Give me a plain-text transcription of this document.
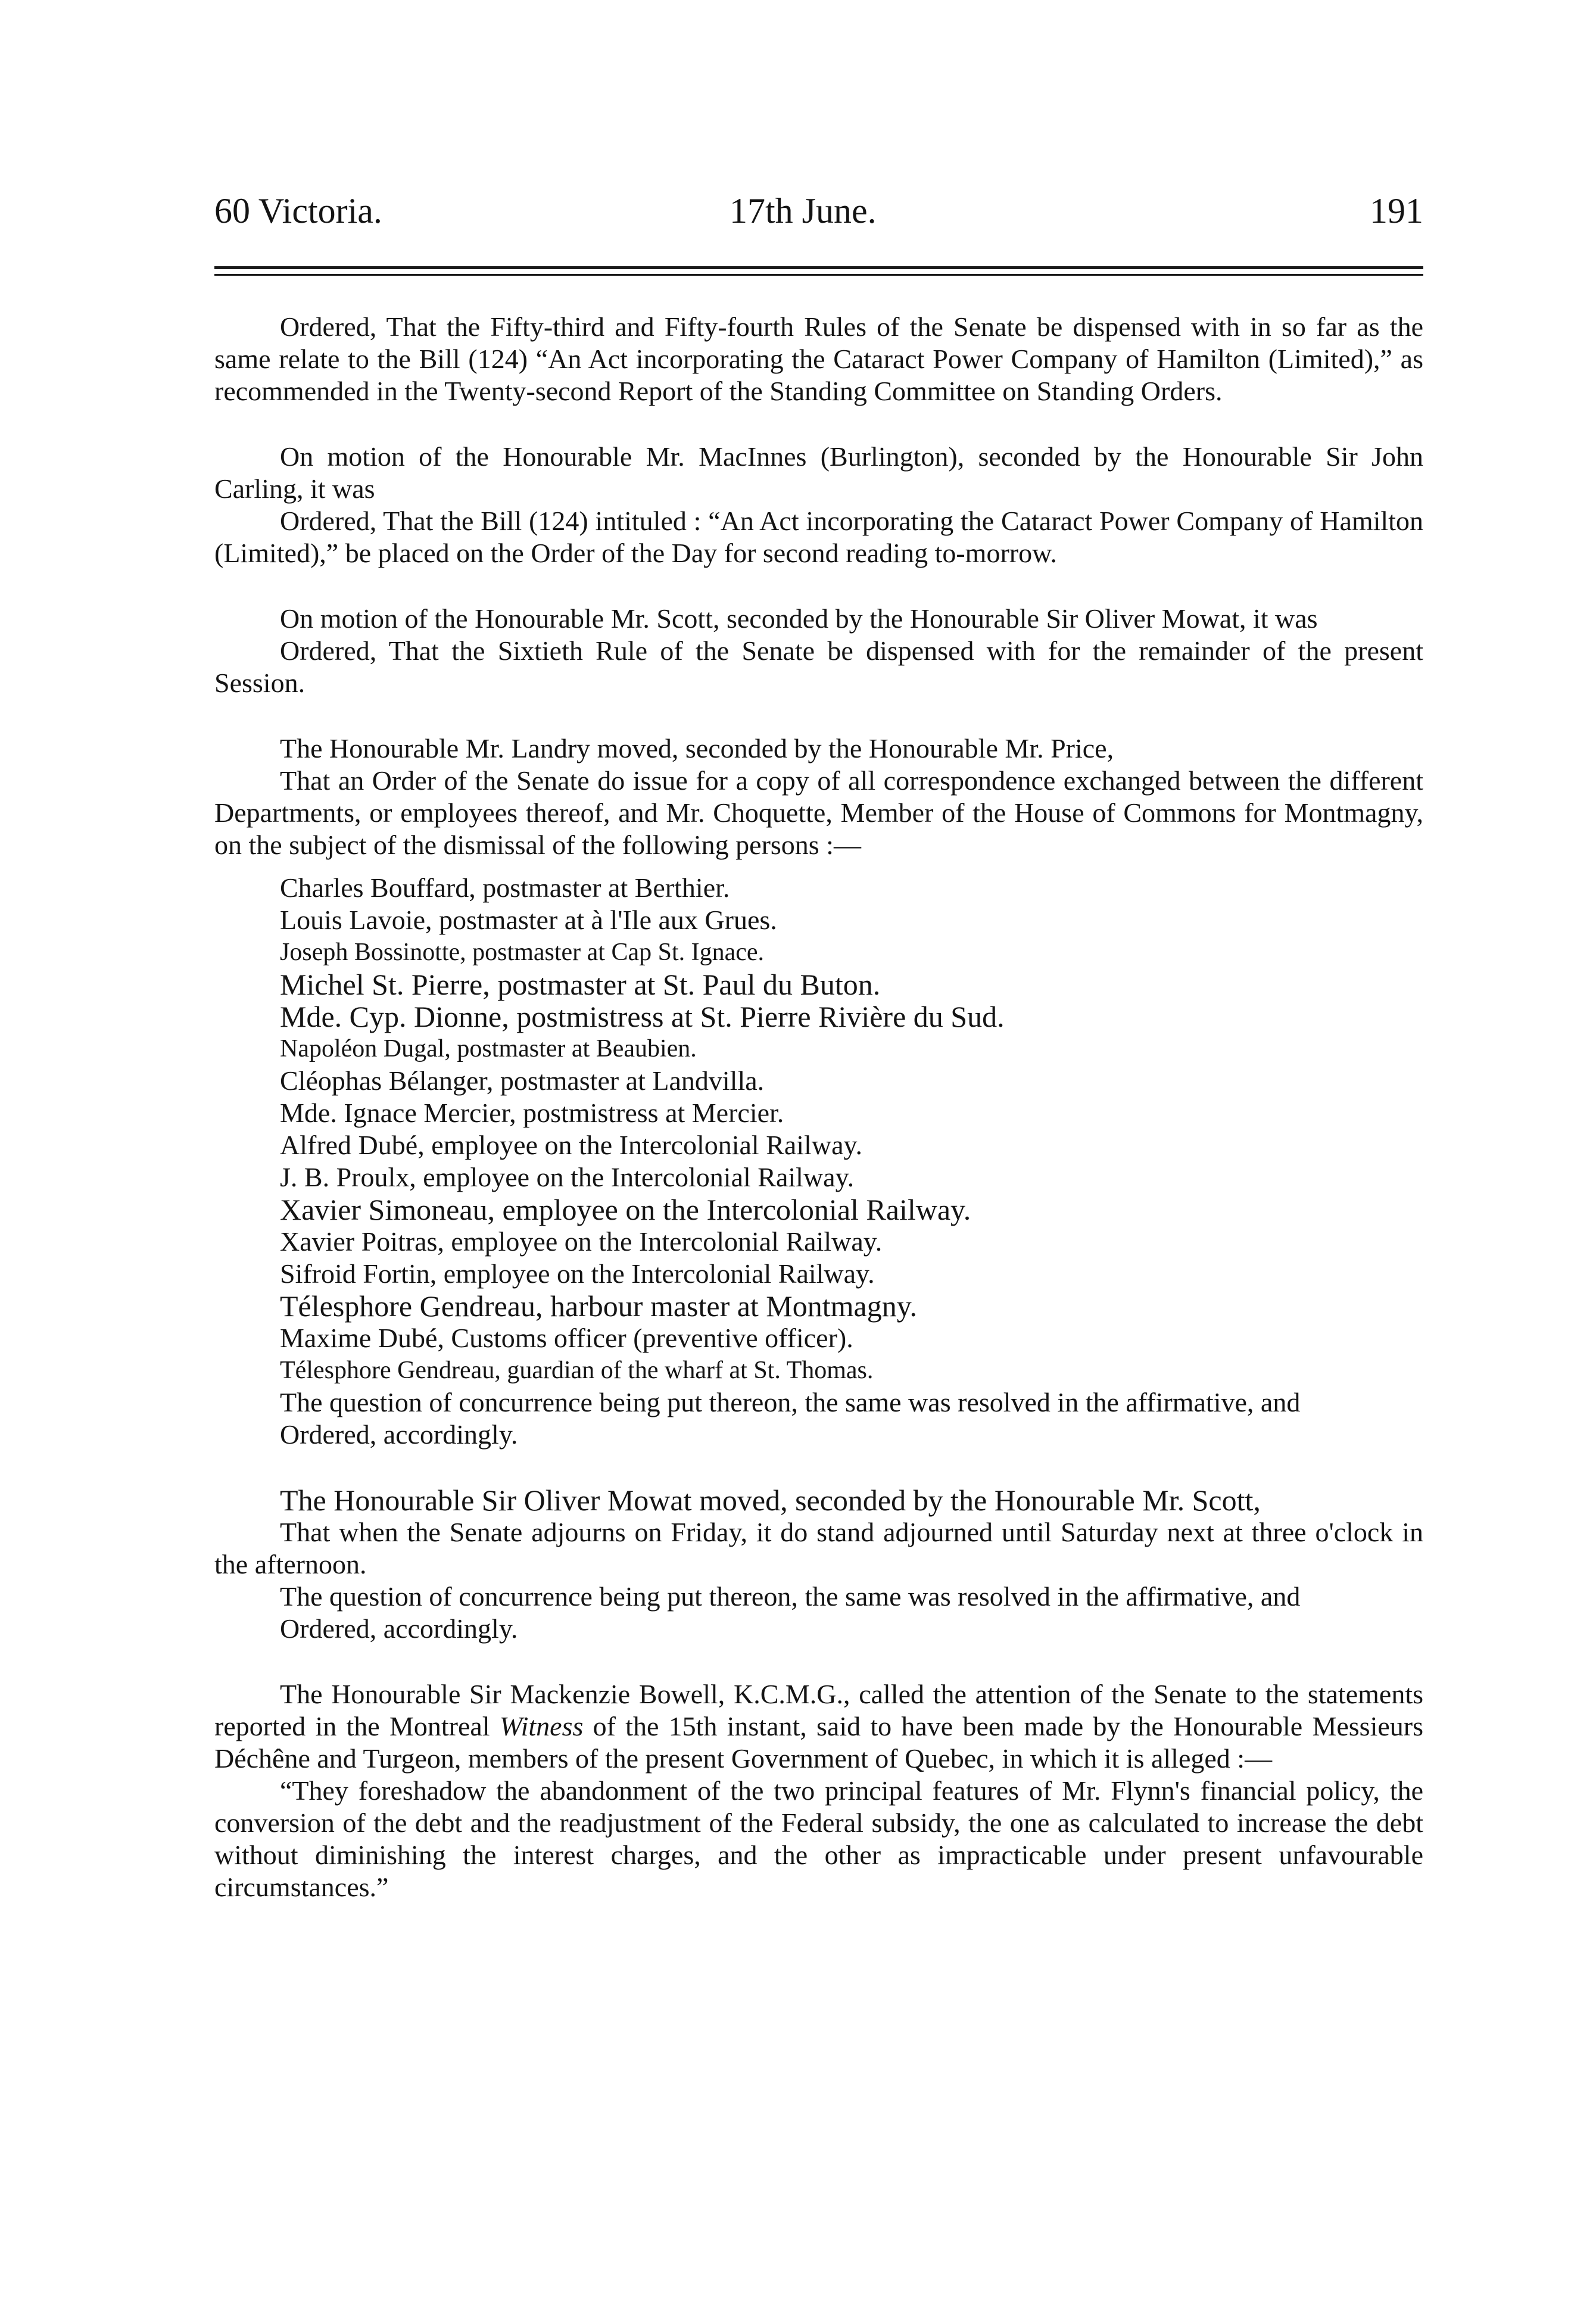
60 Victoria.	17th June.	191

Ordered, That the Fifty-third and Fifty-fourth Rules of the Senate be dispensed with in so far as the same relate to the Bill (124) “An Act incorporating the Cataract Power Company of Hamilton (Limited),” as recommended in the Twenty-second Report of the Standing Committee on Standing Orders.

On motion of the Honourable Mr. MacInnes (Burlington), seconded by the Honourable Sir John Carling, it was

Ordered, That the Bill (124) intituled : “An Act incorporating the Cataract Power Company of Hamilton (Limited),” be placed on the Order of the Day for second reading to-morrow.

On motion of the Honourable Mr. Scott, seconded by the Honourable Sir Oliver Mowat, it was

Ordered, That the Sixtieth Rule of the Senate be dispensed with for the remainder of the present Session.

The Honourable Mr. Landry moved, seconded by the Honourable Mr. Price,

That an Order of the Senate do issue for a copy of all correspondence exchanged between the different Departments, or employees thereof, and Mr. Choquette, Member of the House of Commons for Montmagny, on the subject of the dismissal of the following persons :—

Charles Bouffard, postmaster at Berthier.
Louis Lavoie, postmaster at à l'Ile aux Grues.
Joseph Bossinotte, postmaster at Cap St. Ignace.
Michel St. Pierre, postmaster at St. Paul du Buton.
Mde. Cyp. Dionne, postmistress at St. Pierre Rivière du Sud.
Napoléon Dugal, postmaster at Beaubien.
Cléophas Bélanger, postmaster at Landvilla.
Mde. Ignace Mercier, postmistress at Mercier.
Alfred Dubé, employee on the Intercolonial Railway.
J. B. Proulx, employee on the Intercolonial Railway.
Xavier Simoneau, employee on the Intercolonial Railway.
Xavier Poitras, employee on the Intercolonial Railway.
Sifroid Fortin, employee on the Intercolonial Railway.
Télesphore Gendreau, harbour master at Montmagny.
Maxime Dubé, Customs officer (preventive officer).
Télesphore Gendreau, guardian of the wharf at St. Thomas.

The question of concurrence being put thereon, the same was resolved in the affirmative, and

Ordered, accordingly.

The Honourable Sir Oliver Mowat moved, seconded by the Honourable Mr. Scott,

That when the Senate adjourns on Friday, it do stand adjourned until Saturday next at three o'clock in the afternoon.

The question of concurrence being put thereon, the same was resolved in the affirmative, and

Ordered, accordingly.

The Honourable Sir Mackenzie Bowell, K.C.M.G., called the attention of the Senate to the statements reported in the Montreal Witness of the 15th instant, said to have been made by the Honourable Messieurs Déchêne and Turgeon, members of the present Government of Quebec, in which it is alleged :—

“They foreshadow the abandonment of the two principal features of Mr. Flynn's financial policy, the conversion of the debt and the readjustment of the Federal subsidy, the one as calculated to increase the debt without diminishing the interest charges, and the other as impracticable under present unfavourable circumstances.”
